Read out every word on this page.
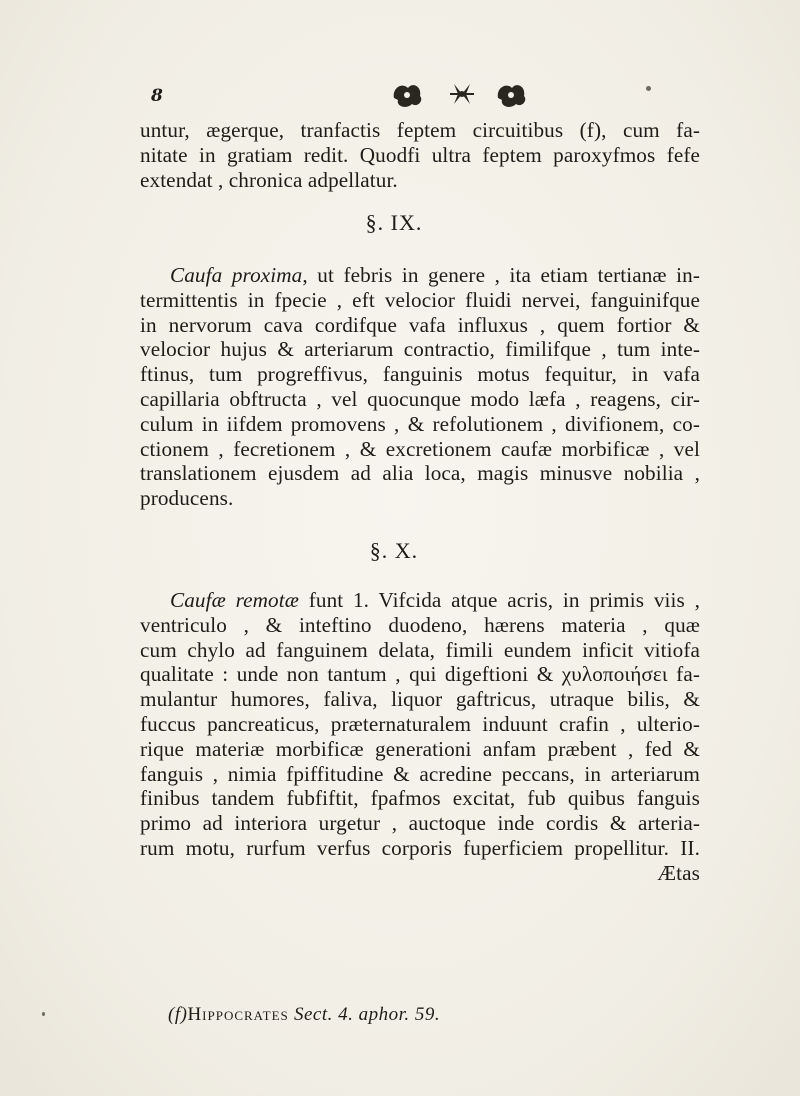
8
untur, ægerque, tranfactis feptem circuitibus (f), cum fa-
nitate in gratiam redit. Quodfi ultra feptem paroxyfmos fefe
extendat , chronica adpellatur.
§. IX.
Caufa proxima, ut febris in genere , ita etiam tertianæ in-
termittentis in fpecie , eft velocior fluidi nervei, fanguinifque
in nervorum cava cordifque vafa influxus , quem fortior &
velocior hujus & arteriarum contractio, fimilifque , tum inte-
ftinus, tum progreffivus, fanguinis motus fequitur, in vafa
capillaria obftructa , vel quocunque modo læfa , reagens, cir-
culum in iifdem promovens , & refolutionem , divifionem, co-
ctionem , fecretionem , & excretionem caufæ morbificæ , vel
translationem ejusdem ad alia loca, magis minusve nobilia ,
producens.
§. X.
Caufæ remotæ funt 1. Vifcida atque acris, in primis viis ,
ventriculo , & inteftino duodeno, hærens materia , quæ
cum chylo ad fanguinem delata, fimili eundem inficit vitiofa
qualitate : unde non tantum , qui digeftioni & χυλοποιήσει fa-
mulantur humores, faliva, liquor gaftricus, utraque bilis, &
fuccus pancreaticus, præternaturalem induunt crafin , ulterio-
rique materiæ morbificæ generationi anfam præbent , fed &
fanguis , nimia fpiffitudine & acredine peccans, in arteriarum
finibus tandem fubfiftit, fpafmos excitat, fub quibus fanguis
primo ad interiora urgetur , auctoque inde cordis & arteria-
rum motu, rurfum verfus corporis fuperficiem propellitur. II.
Ætas
(f)Hippocrates Sect. 4. aphor. 59.
